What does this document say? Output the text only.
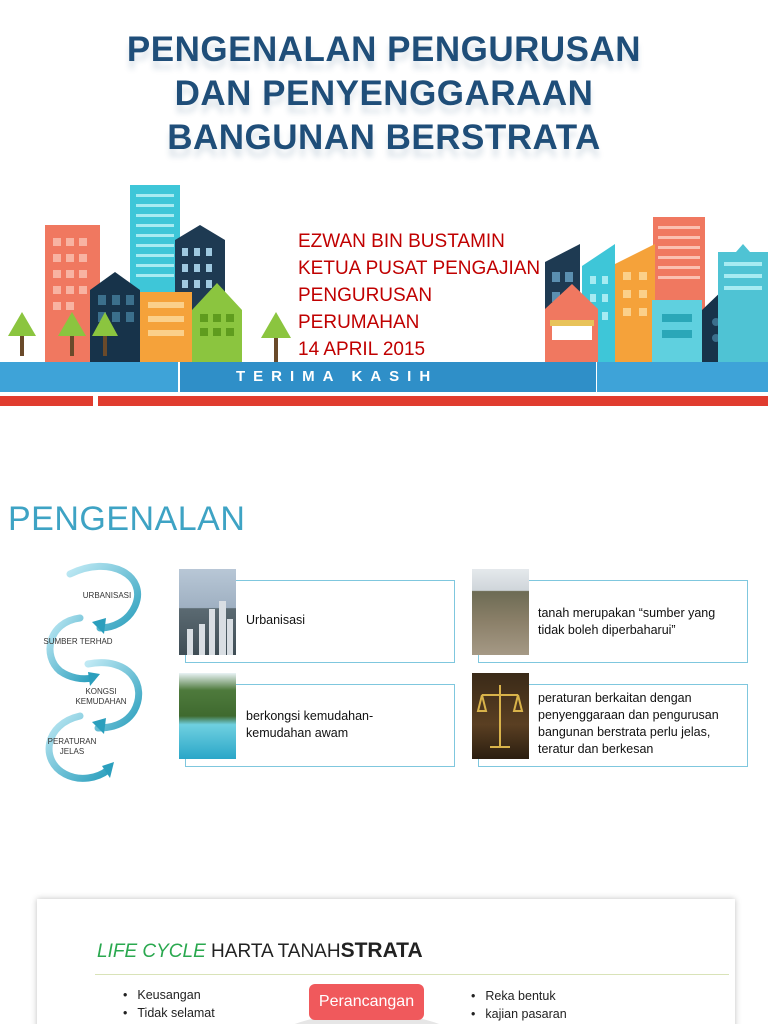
PENGENALAN PENGURUSAN
DAN PENYENGGARAAN
BANGUNAN BERSTRATA
EZWAN BIN BUSTAMIN
KETUA PUSAT PENGAJIAN
PENGURUSAN
PERUMAHAN
14 APRIL 2015
TERIMA KASIH
PENGENALAN
URBANISASI
SUMBER TERHAD
KONGSI KEMUDAHAN
PERATURAN JELAS
Urbanisasi	tanah merupakan “sumber yang tidak boleh diperbaharui”
berkongsi kemudahan-kemudahan awam
peraturan berkaitan dengan penyenggaraan dan pengurusan bangunan berstrata perlu jelas, teratur dan berkesan
LIFE CYCLE HARTA TANAHSTRATA
• Keusangan
• Tidak selamat
Perancangan
•	Reka bentuk
• kajian pasaran
